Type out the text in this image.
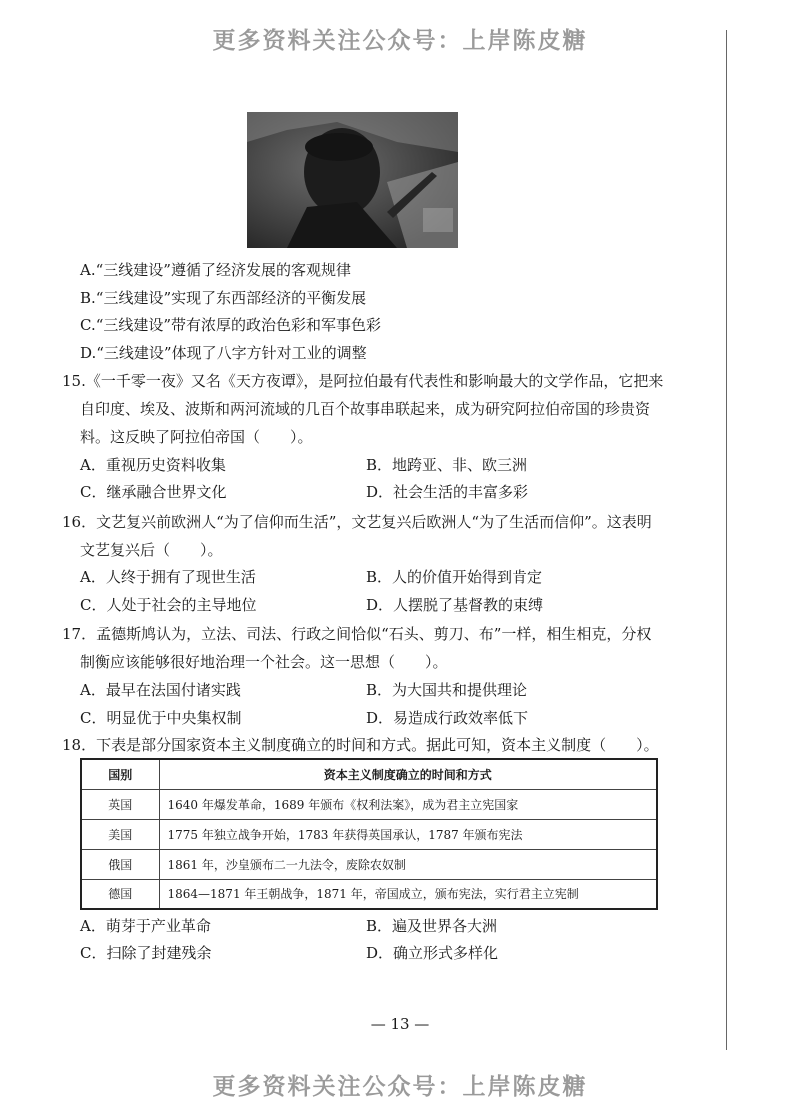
更多资料关注公众号：上岸陈皮糖
A.“三线建设”遵循了经济发展的客观规律
B.“三线建设”实现了东西部经济的平衡发展
C.“三线建设”带有浓厚的政治色彩和军事色彩
D.“三线建设”体现了八字方针对工业的调整
15.《一千零一夜》又名《天方夜谭》，是阿拉伯最有代表性和影响最大的文学作品，它把来
自印度、埃及、波斯和两河流域的几百个故事串联起来，成为研究阿拉伯帝国的珍贵资
料。这反映了阿拉伯帝国（　　）。
A．重视历史资料收集	B．地跨亚、非、欧三洲
C．继承融合世界文化	D．社会生活的丰富多彩
16．文艺复兴前欧洲人“为了信仰而生活”，文艺复兴后欧洲人“为了生活而信仰”。这表明
文艺复兴后（　　）。
A．人终于拥有了现世生活	B．人的价值开始得到肯定
C．人处于社会的主导地位	D．人摆脱了基督教的束缚
17．孟德斯鸠认为，立法、司法、行政之间恰似“石头、剪刀、布”一样，相生相克，分权
制衡应该能够很好地治理一个社会。这一思想（　　）。
A．最早在法国付诸实践	B．为大国共和提供理论
C．明显优于中央集权制	D．易造成行政效率低下
18．下表是部分国家资本主义制度确立的时间和方式。据此可知，资本主义制度（　　）。
国别	资本主义制度确立的时间和方式
英国	1640 年爆发革命，1689 年颁布《权利法案》，成为君主立宪国家
美国	1775 年独立战争开始，1783 年获得英国承认，1787 年颁布宪法
俄国	1861 年，沙皇颁布二一九法令，废除农奴制
德国	1864—1871 年王朝战争，1871 年，帝国成立，颁布宪法，实行君主立宪制
A．萌芽于产业革命	B．遍及世界各大洲
C．扫除了封建残余	D．确立形式多样化
— 13 —
更多资料关注公众号：上岸陈皮糖
